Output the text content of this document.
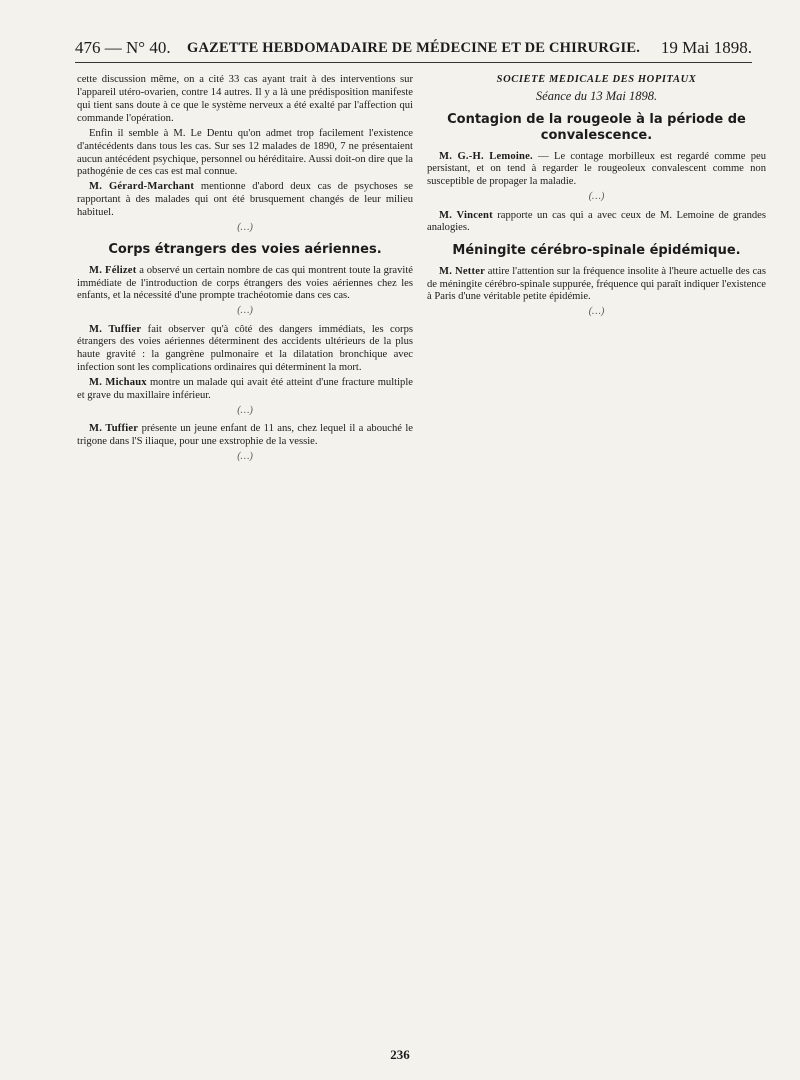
476 — N° 40.	GAZETTE HEBDOMADAIRE DE MÉDECINE ET DE CHIRURGIE.	19 Mai 1898.

cette discussion même, on a cité 33 cas ayant trait à des interventions sur l'appareil utéro-ovarien, contre 14 autres. Il y a là une prédisposition manifeste qui tient sans doute à ce que le système nerveux a été exalté par l'affection qui commande l'opération.

Enfin il semble à M. Le Dentu qu'on admet trop facilement l'existence d'antécédents dans tous les cas. Sur ses 12 malades de 1890, 7 ne présentaient aucun antécédent psychique, personnel ou héréditaire. Aussi doit-on dire que la pathogénie de ces cas est mal connue.

M. Gérard-Marchant mentionne d'abord deux cas de psychoses se rapportant à des malades qui ont été brusquement changés de leur milieu habituel.

(…)
Corps étrangers des voies aériennes.

M. Félizet a observé un certain nombre de cas qui montrent toute la gravité immédiate de l'introduction de corps étrangers des voies aériennes chez les enfants, et la nécessité d'une prompte trachéotomie dans ces cas.

(…)

M. Tuffier fait observer qu'à côté des dangers immédiats, les corps étrangers des voies aériennes déterminent des accidents ultérieurs de la plus haute gravité : la gangrène pulmonaire et la dilatation bronchique avec infection sont les complications ordinaires qui déterminent la mort.

M. Michaux montre un malade qui avait été atteint d'une fracture multiple et grave du maxillaire inférieur.

(…)

M. Tuffier présente un jeune enfant de 11 ans, chez lequel il a abouché le trigone dans l'S iliaque, pour une exstrophie de la vessie.

(…)
SOCIÉTÉ MÉDICALE DES HOPITAUX
Séance du 13 Mai 1898.
Contagion de la rougeole à la période de convalescence.

M. G.-H. Lemoine. — Le contage morbilleux est regardé comme peu persistant, et on tend à regarder le rougeoleux convalescent comme non susceptible de propager la maladie.

(…)

M. Vincent rapporte un cas qui a avec ceux de M. Lemoine de grandes analogies.

Méningite cérébro-spinale épidémique.

M. Netter attire l'attention sur la fréquence insolite à l'heure actuelle des cas de méningite cérébro-spinale suppurée, fréquence qui paraît indiquer l'existence à Paris d'une véritable petite épidémie.

(…)
236
